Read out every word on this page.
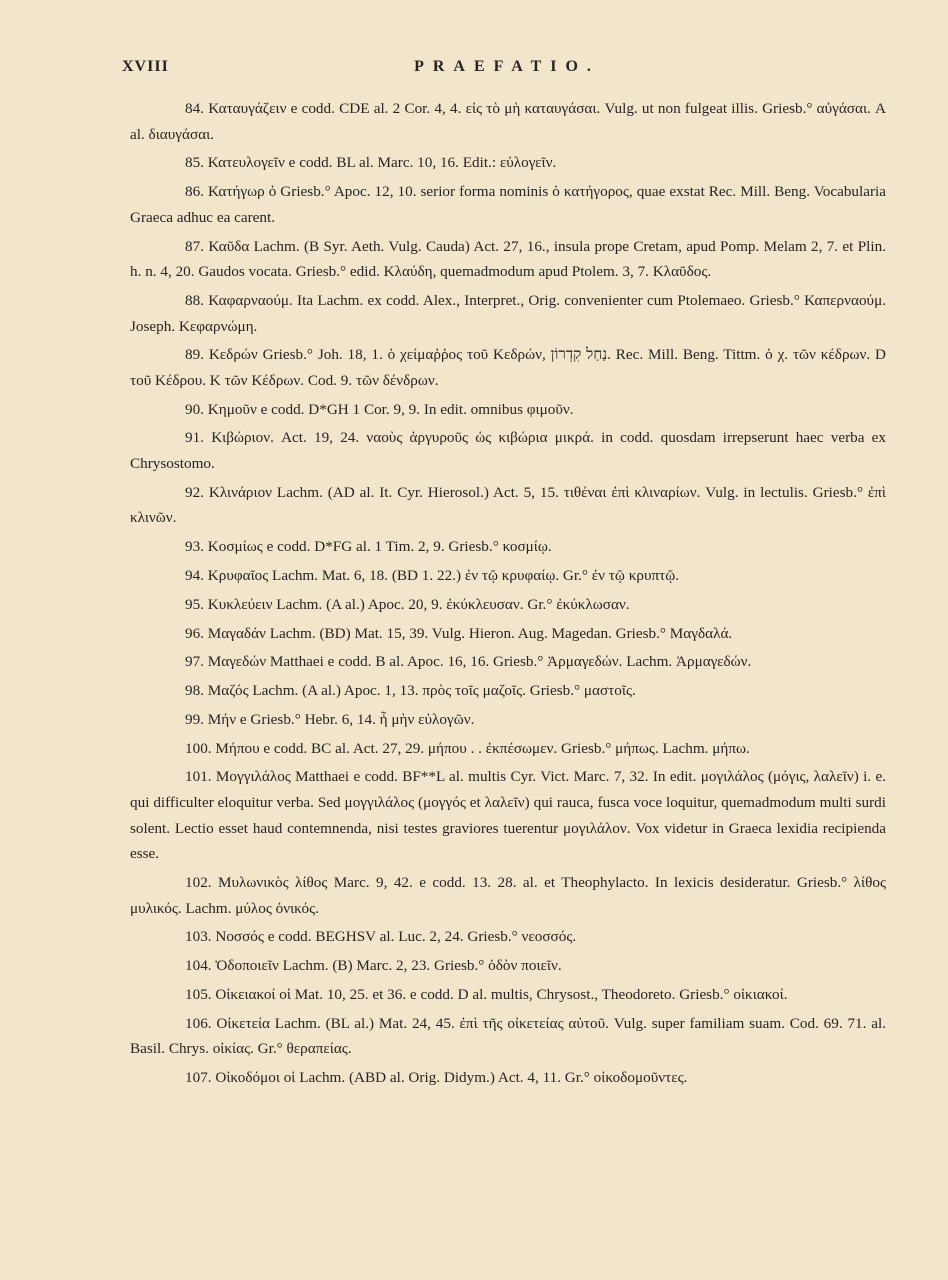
XVIII	PRAEFATIO.

84. Καταυγάζειν e codd. CDE al. 2 Cor. 4, 4. εἰς τὸ μὴ καταυγάσαι. Vulg. ut non fulgeat illis. Griesb.° αὐγάσαι. A al. διαυγάσαι.

85. Κατευλογεῖν e codd. BL al. Marc. 10, 16. Edit.: εὐλογεῖν.

86. Κατήγωρ ὁ Griesb.° Apoc. 12, 10. serior forma nominis ὁ κατήγορος, quae exstat Rec. Mill. Beng. Vocabularia Graeca adhuc ea carent.

87. Καῦδα Lachm. (B Syr. Aeth. Vulg. Cauda) Act. 27, 16., insula prope Cretam, apud Pomp. Melam 2, 7. et Plin. h. n. 4, 20. Gaudos vocata. Griesb.° edid. Κλαύδη, quemadmodum apud Ptolem. 3, 7. Κλαῦδος.

88. Καφαρναούμ. Ita Lachm. ex codd. Alex., Interpret., Orig. convenienter cum Ptolemaeo. Griesb.° Καπερναούμ. Joseph. Κεφαρνώμη.

89. Κεδρών Griesb.° Joh. 18, 1. ὁ χείμαῤῥος τοῦ Κεδρών, נַחַל קִדְרוֹן. Rec. Mill. Beng. Tittm. ὁ χ. τῶν κέδρων. D τοῦ Κέδρου. K τῶν Κέδρων. Cod. 9. τῶν δένδρων.

90. Κημοῦν e codd. D*GH 1 Cor. 9, 9. In edit. omnibus φιμοῦν.

91. Κιβώριον. Act. 19, 24. ναοὺς ἀργυροῦς ὡς κιβώρια μικρά. in codd. quosdam irrepserunt haec verba ex Chrysostomo.

92. Κλινάριον Lachm. (AD al. It. Cyr. Hierosol.) Act. 5, 15. τιθέναι ἐπὶ κλιναρίων. Vulg. in lectulis. Griesb.° ἐπὶ κλινῶν.

93. Κοσμίως e codd. D*FG al. 1 Tim. 2, 9. Griesb.° κοσμίῳ.

94. Κρυφαῖος Lachm. Mat. 6, 18. (BD 1. 22.) ἐν τῷ κρυφαίῳ. Gr.° ἐν τῷ κρυπτῷ.

95. Κυκλεύειν Lachm. (A al.) Apoc. 20, 9. ἐκύκλευσαν. Gr.° ἐκύκλωσαν.

96. Μαγαδάν Lachm. (BD) Mat. 15, 39. Vulg. Hieron. Aug. Magedan. Griesb.° Μαγδαλά.

97. Μαγεδών Matthaei e codd. B al. Apoc. 16, 16. Griesb.° Ἀρμαγεδών. Lachm. Ἁρμαγεδών.

98. Μαζός Lachm. (A al.) Apoc. 1, 13. πρὸς τοῖς μαζοῖς. Griesb.° μαστοῖς.

99. Μήν e Griesb.° Hebr. 6, 14. ἦ μὴν εὐλογῶν.

100. Μήπου e codd. BC al. Act. 27, 29. μήπου . . ἐκπέσωμεν. Griesb.° μήπως. Lachm. μήπω.

101. Μογγιλάλος Matthaei e codd. BF**L al. multis Cyr. Vict. Marc. 7, 32. In edit. μογιλάλος (μόγις, λαλεῖν) i. e. qui difficulter eloquitur verba. Sed μογγιλάλος (μογγός et λαλεῖν) qui rauca, fusca voce loquitur, quemadmodum multi surdi solent. Lectio esset haud contemnenda, nisi testes graviores tuerentur μογιλάλον. Vox videtur in Graeca lexidia recipienda esse.

102. Μυλωνικὸς λίθος Marc. 9, 42. e codd. 13. 28. al. et Theophylacto. In lexicis desideratur. Griesb.° λίθος μυλικός. Lachm. μύλος ὀνικός.

103. Νοσσός e codd. BEGHSV al. Luc. 2, 24. Griesb.° νεοσσός.

104. Ὁδοποιεῖν Lachm. (B) Marc. 2, 23. Griesb.° ὁδὸν ποιεῖν.

105. Οἰκειακοί οἱ Mat. 10, 25. et 36. e codd. D al. multis, Chrysost., Theodoreto. Griesb.° οἰκιακοί.

106. Οἰκετεία Lachm. (BL al.) Mat. 24, 45. ἐπὶ τῆς οἰκετείας αὐτοῦ. Vulg. super familiam suam. Cod. 69. 71. al. Basil. Chrys. οἰκίας. Gr.° θεραπείας.

107. Οἰκοδόμοι οἱ Lachm. (ABD al. Orig. Didym.) Act. 4, 11. Gr.° οἰκοδομοῦντες.
